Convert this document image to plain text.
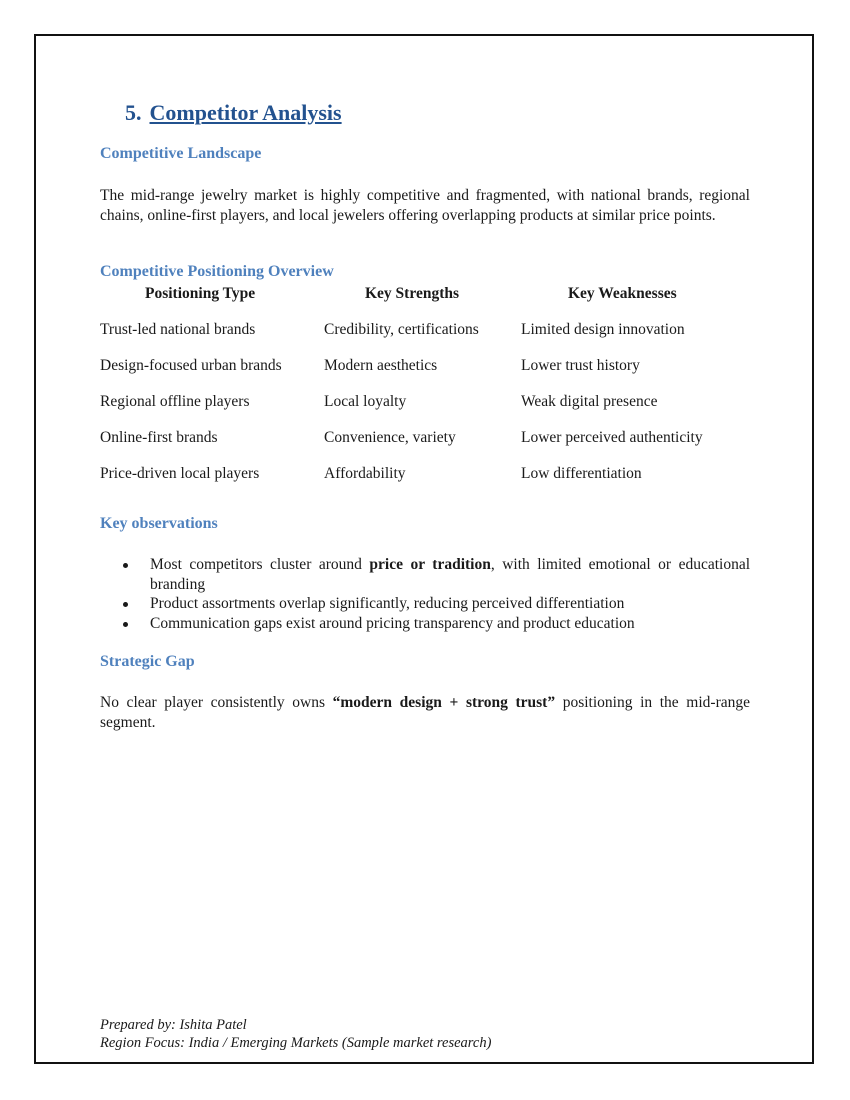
5. Competitor Analysis
Competitive Landscape

The mid-range jewelry market is highly competitive and fragmented, with national brands, regional chains, online-first players, and local jewelers offering overlapping products at similar price points.

Competitive Positioning Overview
Positioning Type	Key Strengths	Key Weaknesses
Trust-led national brands	Credibility, certifications	Limited design innovation
Design-focused urban brands	Modern aesthetics	Lower trust history
Regional offline players	Local loyalty	Weak digital presence
Online-first brands	Convenience, variety	Lower perceived authenticity
Price-driven local players	Affordability	Low differentiation
Key observations
Most competitors cluster around price or tradition, with limited emotional or educational branding
Product assortments overlap significantly, reducing perceived differentiation
Communication gaps exist around pricing transparency and product education
Strategic Gap

No clear player consistently owns “modern design + strong trust” positioning in the mid-range segment.

Prepared by: Ishita Patel
Region Focus: India / Emerging Markets (Sample market research)
